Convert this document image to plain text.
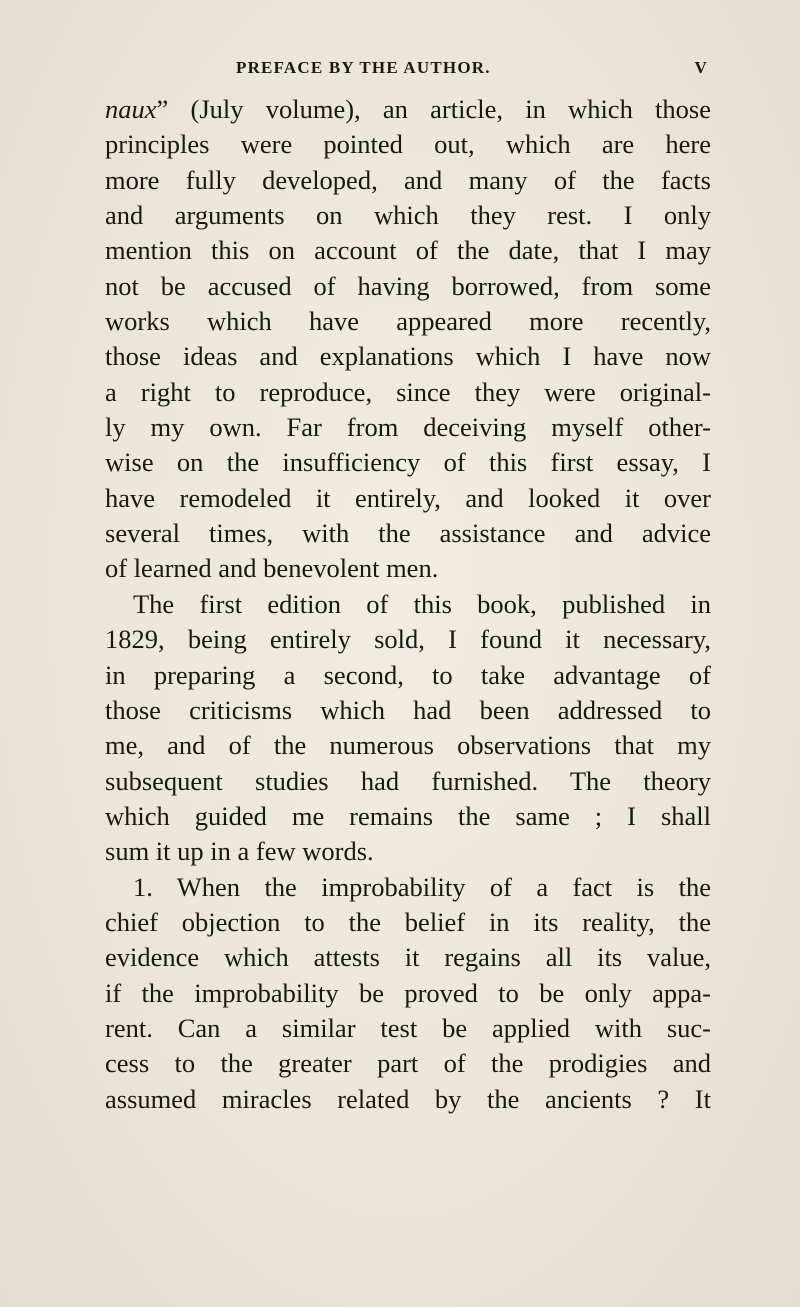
PREFACE BY THE AUTHOR.	V
naux” (July volume), an article, in which those
principles were pointed out, which are here
more fully developed, and many of the facts
and arguments on which they rest. I only
mention this on account of the date, that I may
not be accused of having borrowed, from some
works which have appeared more recently,
those ideas and explanations which I have now
a right to reproduce, since they were original-
ly my own. Far from deceiving myself other-
wise on the insufficiency of this first essay, I
have remodeled it entirely, and looked it over
several times, with the assistance and advice
of learned and benevolent men.
The first edition of this book, published in
1829, being entirely sold, I found it necessary,
in preparing a second, to take advantage of
those criticisms which had been addressed to
me, and of the numerous observations that my
subsequent studies had furnished. The theory
which guided me remains the same ; I shall
sum it up in a few words.
1. When the improbability of a fact is the
chief objection to the belief in its reality, the
evidence which attests it regains all its value,
if the improbability be proved to be only appa-
rent. Can a similar test be applied with suc-
cess to the greater part of the prodigies and
assumed miracles related by the ancients ? It
